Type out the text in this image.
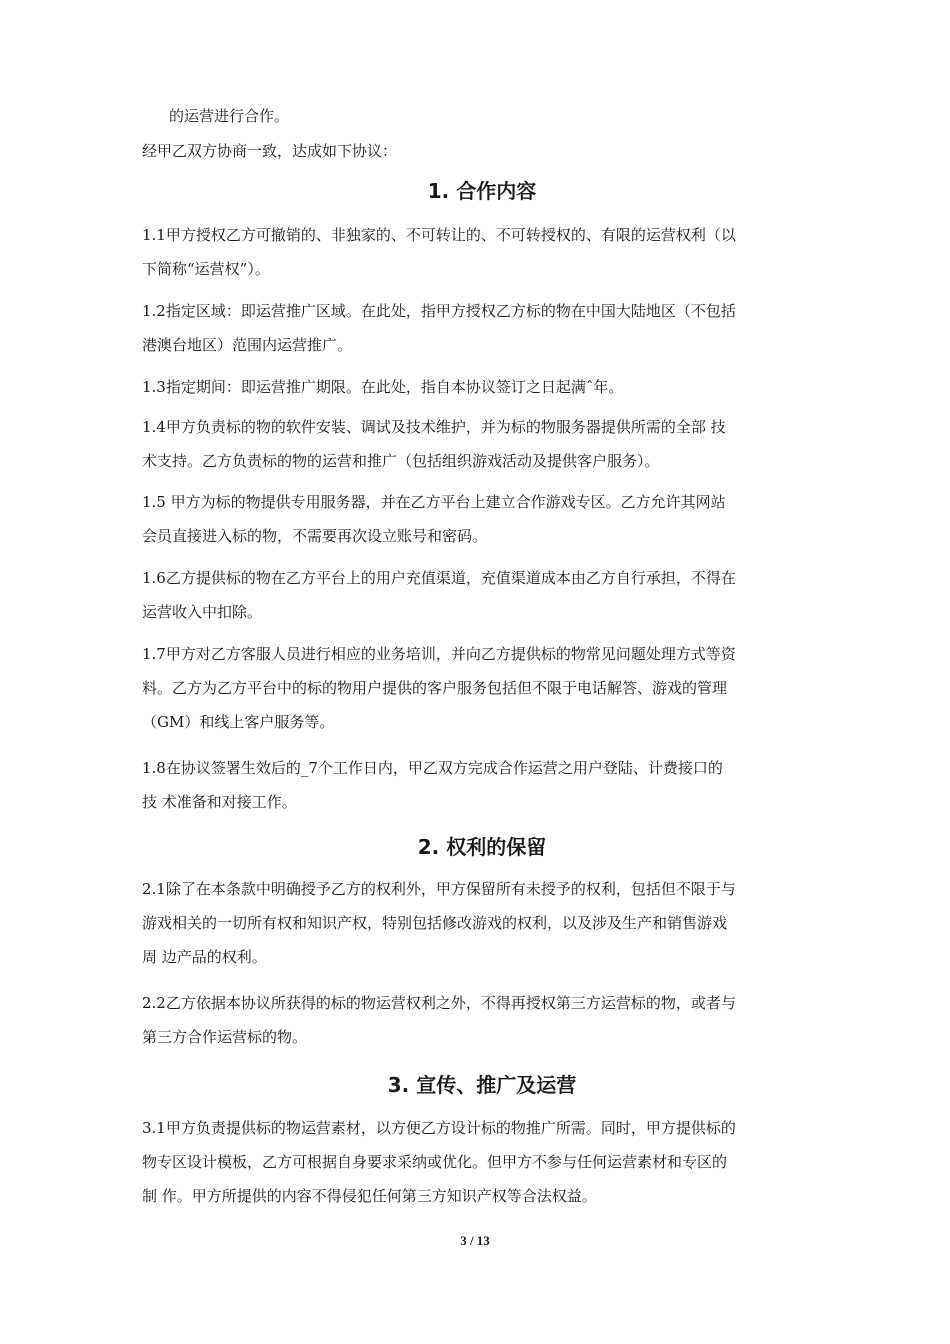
的运营进行合作。

经甲乙双方协商一致，达成如下协议：

1. 合作内容

1.1甲方授权乙方可撤销的、非独家的、不可转让的、不可转授权的、有限的运营权利（以
下简称“运营权”）。

1.2指定区域：即运营推广区域。在此处，指甲方授权乙方标的物在中国大陆地区（不包括
港澳台地区）范围内运营推广。

1.3指定期间：即运营推广期限。在此处，指自本协议签订之日起满ˆ年。

1.4甲方负责标的物的软件安装、调试及技术维护，并为标的物服务器提供所需的全部 技
术支持。乙方负责标的物的运营和推广（包括组织游戏活动及提供客户服务）。

1.5 甲方为标的物提供专用服务器，并在乙方平台上建立合作游戏专区。乙方允许其网站
会员直接进入标的物，不需要再次设立账号和密码。

1.6乙方提供标的物在乙方平台上的用户充值渠道，充值渠道成本由乙方自行承担，不得在
运营收入中扣除。

1.7甲方对乙方客服人员进行相应的业务培训，并向乙方提供标的物常见问题处理方式等资
料。乙方为乙方平台中的标的物用户提供的客户服务包括但不限于电话解答、游戏的管理
（GM）和线上客户服务等。

1.8在协议签署生效后的_7个工作日内，甲乙双方完成合作运营之用户登陆、计费接口的
技 术准备和对接工作。

2. 权利的保留

2.1除了在本条款中明确授予乙方的权利外，甲方保留所有未授予的权利，包括但不限于与
游戏相关的一切所有权和知识产权，特别包括修改游戏的权利，以及涉及生产和销售游戏
周 边产品的权利。

2.2乙方依据本协议所获得的标的物运营权利之外，不得再授权第三方运营标的物，或者与
第三方合作运营标的物。

3. 宣传、推广及运营

3.1甲方负责提供标的物运营素材，以方便乙方设计标的物推广所需。同时，甲方提供标的
物专区设计模板，乙方可根据自身要求采纳或优化。但甲方不参与任何运营素材和专区的
制 作。甲方所提供的内容不得侵犯任何第三方知识产权等合法权益。

3 / 13
